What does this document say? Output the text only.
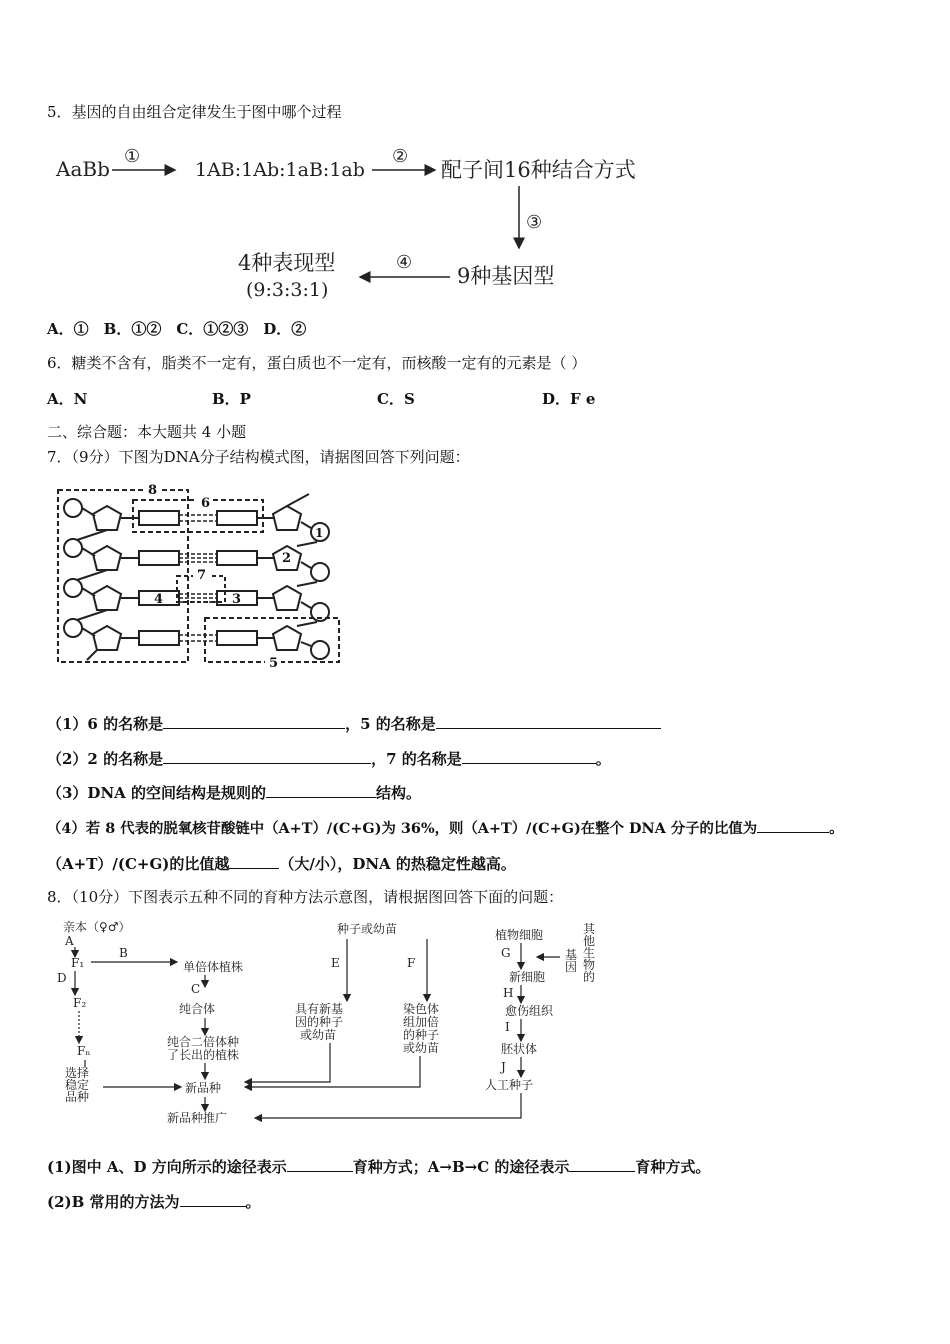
5．基因的自由组合定律发生于图中哪个过程
AaBb
①
1AB:1Ab:1aB:1ab
②
配子间16种结合方式
③
9种基因型
④
4种表现型
(9:3:3:1)
A．①　B．①②　C．①②③　D．②
6．糖类不含有，脂类不一定有，蛋白质也不一定有，而核酸一定有的元素是（ ）
A．N	B．P	C．S	D．F e
二、综合题：本大题共 4 小题
7．（9分）下图为DNA分子结构模式图，请据图回答下列问题：
8
6
1
2
7
4	3
5
（1）6 的名称是	，5 的名称是
（2）2 的名称是	，7 的名称是	。
（3）DNA 的空间结构是规则的	结构。
（4）若 8 代表的脱氧核苷酸链中（A+T）/(C+G)为 36%，则（A+T）/(C+G)在整个 DNA 分子的比值为	。
（A+T）/(C+G)的比值越	（大/小），DNA 的热稳定性越高。
8．（10分）下图表示五种不同的育种方法示意图，请根据图回答下面的问题：
亲本（♀♂）
A
F₁
B
D
F₂
Fₙ
选择
稳定
品种
单倍体植株
C
纯合体
纯合二倍体种
了长出的植株
新品种
新品种推广
种子或幼苗
E	F
具有新基
因的种子
或幼苗
染色体
组加倍
的种子
或幼苗
植物细胞	其
他
生
物
的
基
因
G
新细胞
H
愈伤组织
I
胚状体
J
人工种子
(1)图中 A、D 方向所示的途径表示	育种方式；A→B→C 的途径表示	育种方式。
(2)B 常用的方法为	。
